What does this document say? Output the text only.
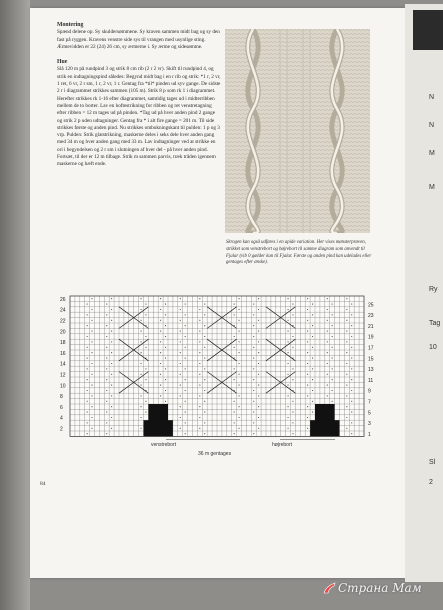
N
N
M
M
Ry
Tag
10
Sl
2
Montering

Spænd delene op. Sy skuldersømmene. Sy kraven sammen midt bag og sy den fast på ryggen. Kravens venstre side sys til vrangen med usynlige sting. Ærmevidden er 22 (24) 26 cm, sy ærmerne i. Sy ærme og sidesømme.

Hue

Slå 120 m på rundpind 3 og strik 8 cm rib (2 r 2 vr). Skift til rundpind 4, og strik en indtagningspind således: Begynd midt bag i en r rib og strik: *1 r, 2 vr, 1 ret, 6 vr, 2 r sm, 1 r, 2 vr, 1 r. Gentag fra *til* pinden ud syv gange. De sidste 2 r i diagrammet strikkes sammen (105 m). Strik 8 p som rk 1 i diagrammet. Herefter strikkes rk 1-16 efter diagrammet, samtidig tages ud i midterribben mellem de to borter. Lav en hoftestrikning for ribben og ret venstretagning efter ribben = 12 m tages ud på pinden. *Tag ud på hver anden pind 2 gange og strik 2 p uden udtagninger. Gentag fra * i alt fire gange = 201 m. Til side strikkes første og anden pind. Nu strikkes ombukningskant til pulden: 1 p og 3 vrp. Pulden: Strik glatstrikning, maskerne deles i seks dele hver anden gang med 34 m og hver anden gang med 33 m. Lav indtagninger ved at strikke en ori i begyndelsen og 2 r sm i slutningen af hver del - på hver anden pind. Fortsæt, til der er 12 m tilbage. Strik m sammen parvis, træk tråden igennem maskerne og hæft ende.

Skrogen kan også udføres i en apide variation. Her vises mønsterprøven, strikket som venstrebort og højrebort til samme diagram som anvendt til Fjalar (vib 0 gælder kun til Fjalar. Første og anden pind kan udelades eller gentages efter ønske).
26
24
22
20
18
16
14
12
10
8
6
4
2
25
23
21
19
17
15
13
11
9
7
5
3
1
venstrebort	højrebort
36 m gentages
84
Страна Мам
